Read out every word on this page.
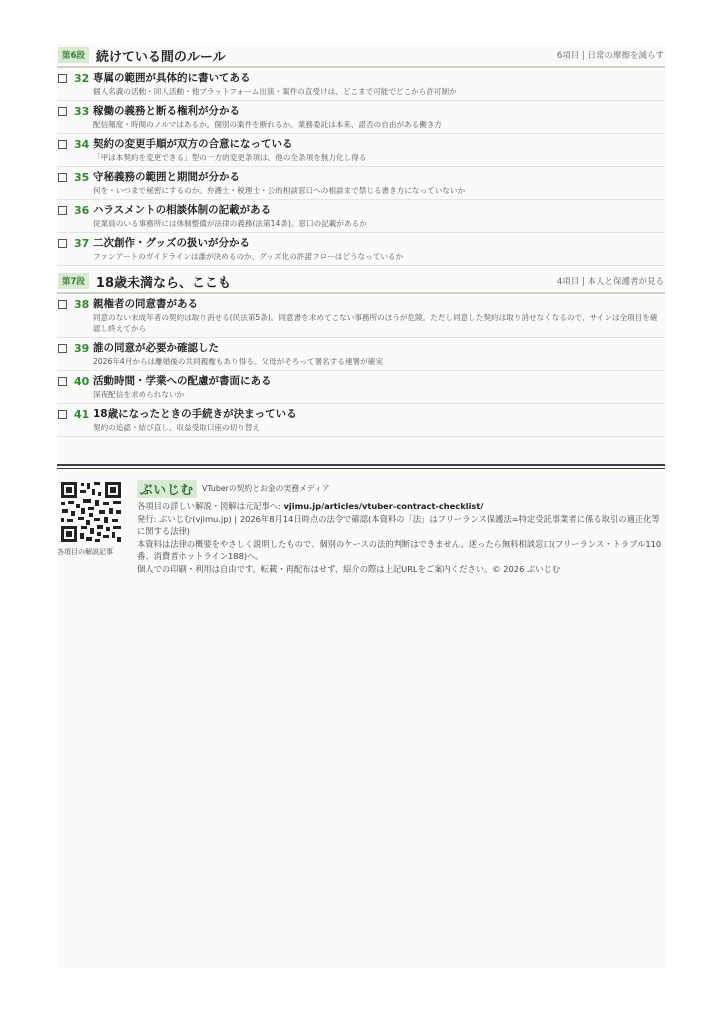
第6段 続けている間のルール	6項目 | 日常の摩擦を減らす
32 専属の範囲が具体的に書いてある
個人名義の活動・同人活動・他プラットフォーム出演・案件の直受けは、どこまで可能でどこから許可制か
33 稼働の義務と断る権利が分かる
配信頻度・時間のノルマはあるか。個別の案件を断れるか。業務委託は本来、諾否の自由がある働き方
34 契約の変更手順が双方の合意になっている
「甲は本契約を変更できる」型の一方的変更条項は、他の全条項を無力化し得る
35 守秘義務の範囲と期間が分かる
何を・いつまで秘密にするのか。弁護士・税理士・公的相談窓口への相談まで禁じる書き方になっていないか
36 ハラスメントの相談体制の記載がある
従業員のいる事務所には体制整備が法律の義務(法第14条)。窓口の記載があるか
37 二次創作・グッズの扱いが分かる
ファンアートのガイドラインは誰が決めるのか、グッズ化の許諾フローはどうなっているか
第7段 18歳未満なら、ここも	4項目 | 本人と保護者が見る
38 親権者の同意書がある
同意のない未成年者の契約は取り消せる(民法第5条)。同意書を求めてこない事務所のほうが危険。ただし同意した契約は取り消せなくなるので、サインは全項目を確認し終えてから
39 誰の同意が必要か確認した
2026年4月からは離婚後の共同親権もあり得る。父母がそろって署名する連署が確実
40 活動時間・学業への配慮が書面にある
深夜配信を求められないか
41 18歳になったときの手続きが決まっている
契約の追認・結び直し、収益受取口座の切り替え
各項目の解説記事
ぶいじむ	VTuberの契約とお金の実務メディア
各項目の詳しい解説・図解は元記事へ: vjimu.jp/articles/vtuber-contract-checklist/
発行: ぶいじむ(vjimu.jp) | 2026年8月14日時点の法令で確認(本資料の「法」はフリーランス保護法=特定受託事業者に係る取引の適正化等に関する法律)
本資料は法律の概要をやさしく説明したもので、個別のケースの法的判断はできません。迷ったら無料相談窓口(フリーランス・トラブル110番、消費者ホットライン188)へ。
個人での印刷・利用は自由です。転載・再配布はせず、紹介の際は上記URLをご案内ください。© 2026 ぶいじむ
